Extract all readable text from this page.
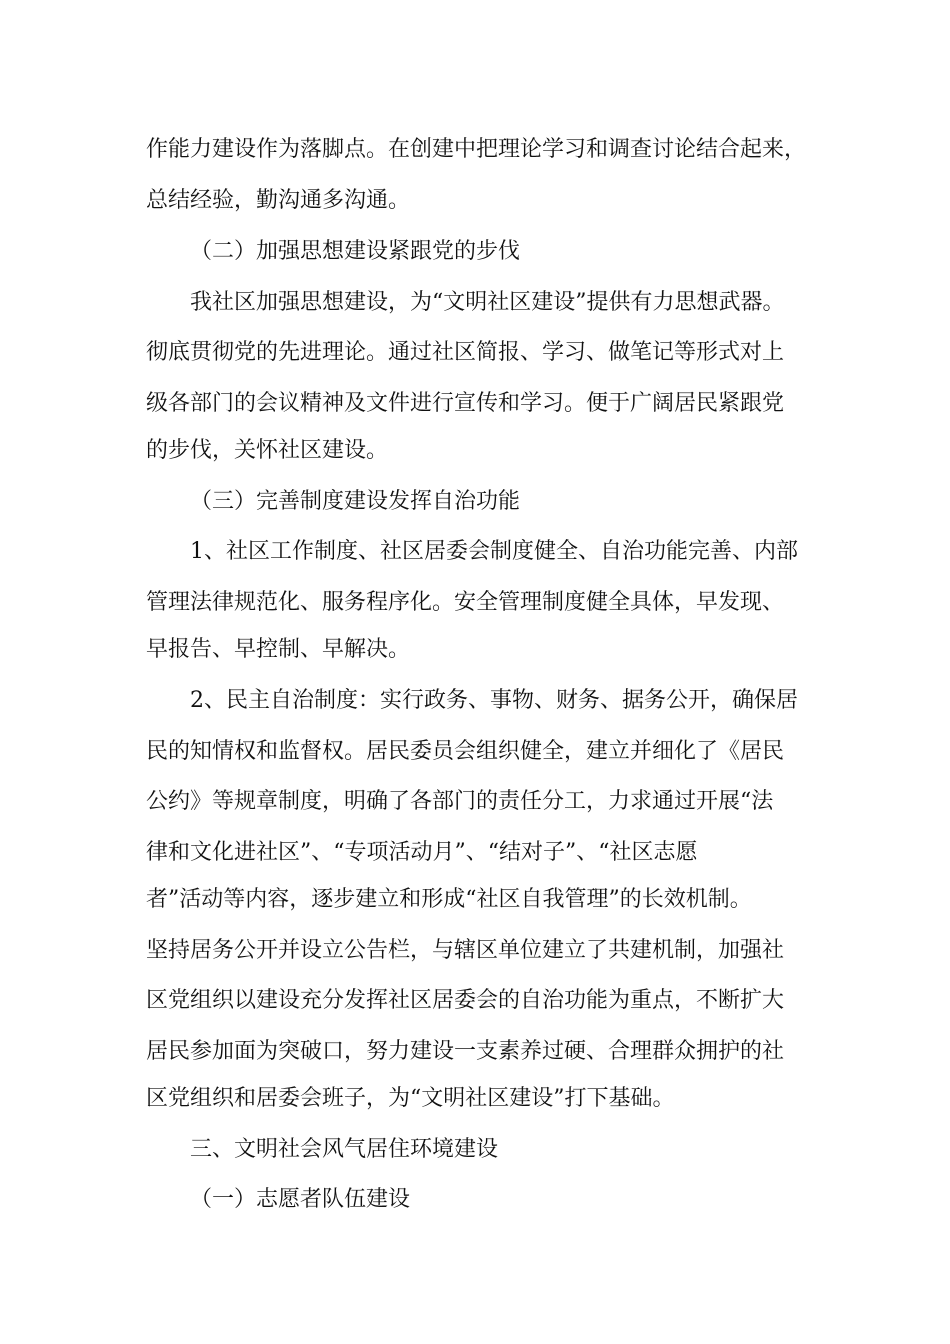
作能力建设作为落脚点。在创建中把理论学习和调查讨论结合起来，
总结经验，勤沟通多沟通。
（二）加强思想建设紧跟党的步伐
我社区加强思想建设，为“文明社区建设”提供有力思想武器。
彻底贯彻党的先进理论。通过社区简报、学习、做笔记等形式对上
级各部门的会议精神及文件进行宣传和学习。便于广阔居民紧跟党
的步伐，关怀社区建设。
（三）完善制度建设发挥自治功能
1、社区工作制度、社区居委会制度健全、自治功能完善、内部
管理法律规范化、服务程序化。安全管理制度健全具体，早发现、
早报告、早控制、早解决。
2、民主自治制度：实行政务、事物、财务、据务公开，确保居
民的知情权和监督权。居民委员会组织健全，建立并细化了《居民
公约》等规章制度，明确了各部门的责任分工，力求通过开展“法
律和文化进社区”、“专项活动月”、“结对子”、“社区志愿
者”活动等内容，逐步建立和形成“社区自我管理”的长效机制。
坚持居务公开并设立公告栏，与辖区单位建立了共建机制，加强社
区党组织以建设充分发挥社区居委会的自治功能为重点，不断扩大
居民参加面为突破口，努力建设一支素养过硬、合理群众拥护的社
区党组织和居委会班子，为“文明社区建设”打下基础。
三、文明社会风气居住环境建设
（一）志愿者队伍建设
